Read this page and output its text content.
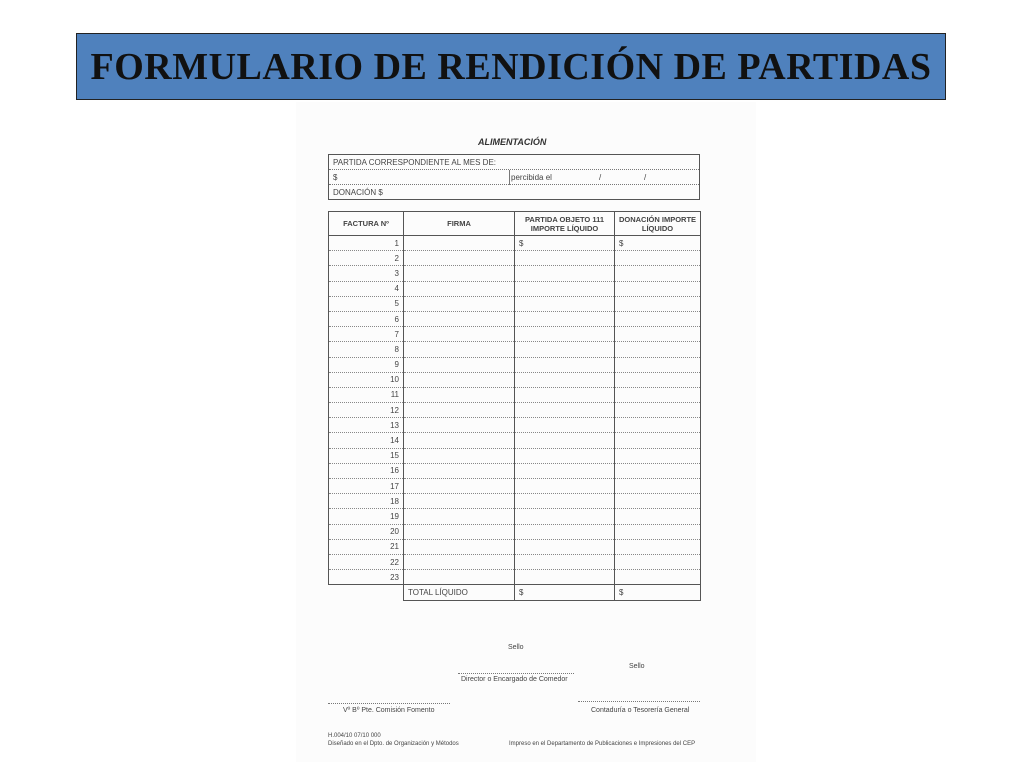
FORMULARIO DE RENDICIÓN DE PARTIDAS
ALIMENTACIÓN
PARTIDA CORRESPONDIENTE AL MES DE:
$	percibida el	/	/
DONACIÓN $
FACTURA Nº	FIRMA	PARTIDA OBJETO 111 IMPORTE LÍQUIDO	DONACIÓN IMPORTE LÍQUIDO
1		$	$
2			
3			
4			
5			
6			
7			
8			
9			
10			
11			
12			
13			
14			
15			
16			
17			
18			
19			
20			
21			
22			
23			
	TOTAL LÍQUIDO	$	$
Sello
Sello
Director o Encargado de Comedor
Vº Bº Pte. Comisión Fomento	Contaduría o Tesorería General
H.004/10 07/10 000
Diseñado en el Dpto. de Organización y Métodos	Impreso en el Departamento de Publicaciones e Impresiones del CEP
